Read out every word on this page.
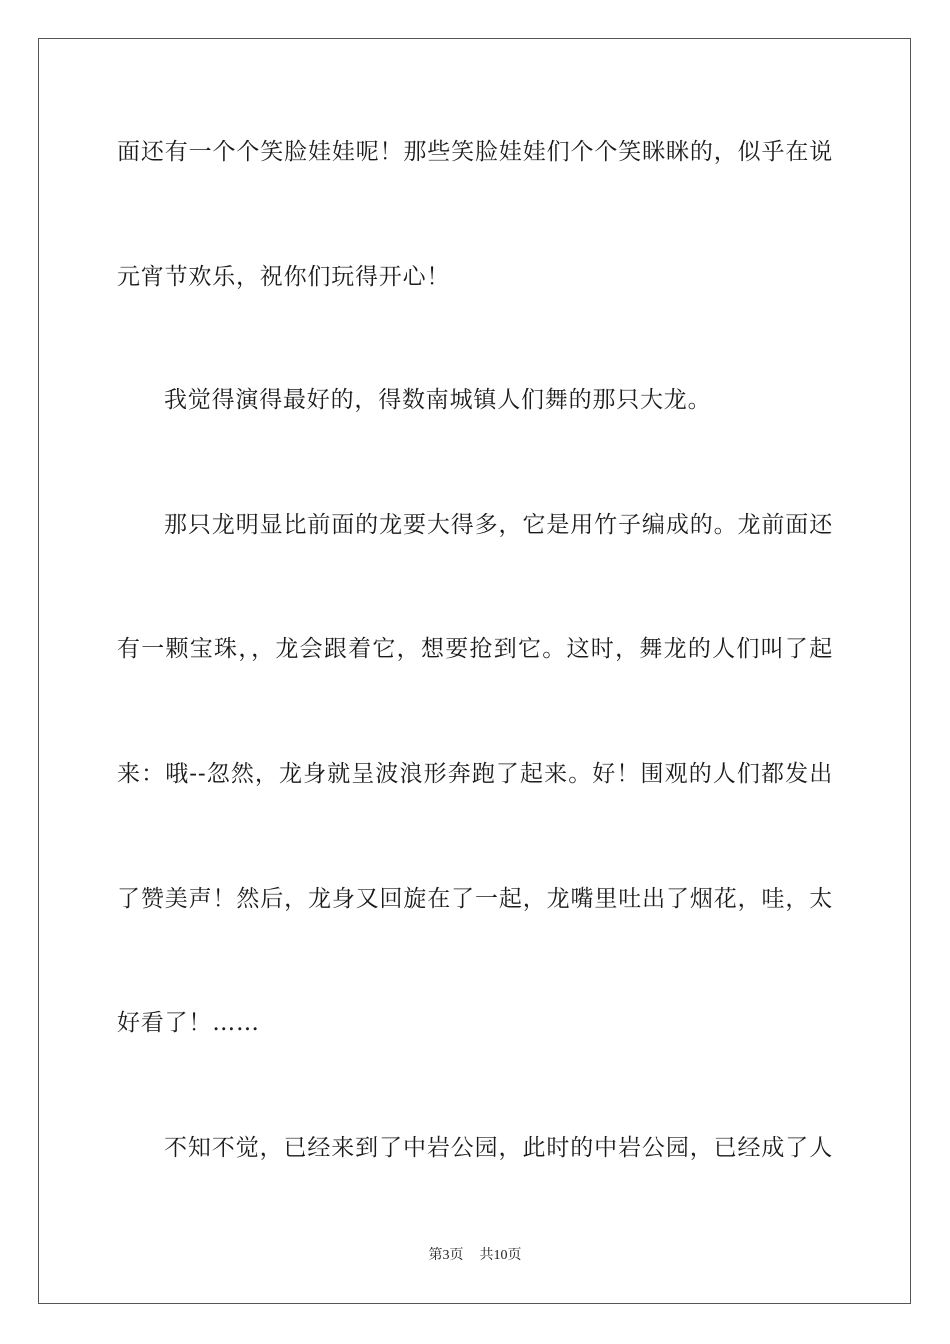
面还有一个个笑脸娃娃呢！那些笑脸娃娃们个个笑眯眯的，似乎在说
元宵节欢乐，祝你们玩得开心！
我觉得演得最好的，得数南城镇人们舞的那只大龙。
那只龙明显比前面的龙要大得多，它是用竹子编成的。龙前面还
有一颗宝珠，，龙会跟着它，想要抢到它。这时，舞龙的人们叫了起
来：哦--忽然，龙身就呈波浪形奔跑了起来。好！围观的人们都发出
了赞美声！然后，龙身又回旋在了一起，龙嘴里吐出了烟花，哇，太
好看了！……
不知不觉，已经来到了中岩公园，此时的中岩公园，已经成了人
第3页 共10页
